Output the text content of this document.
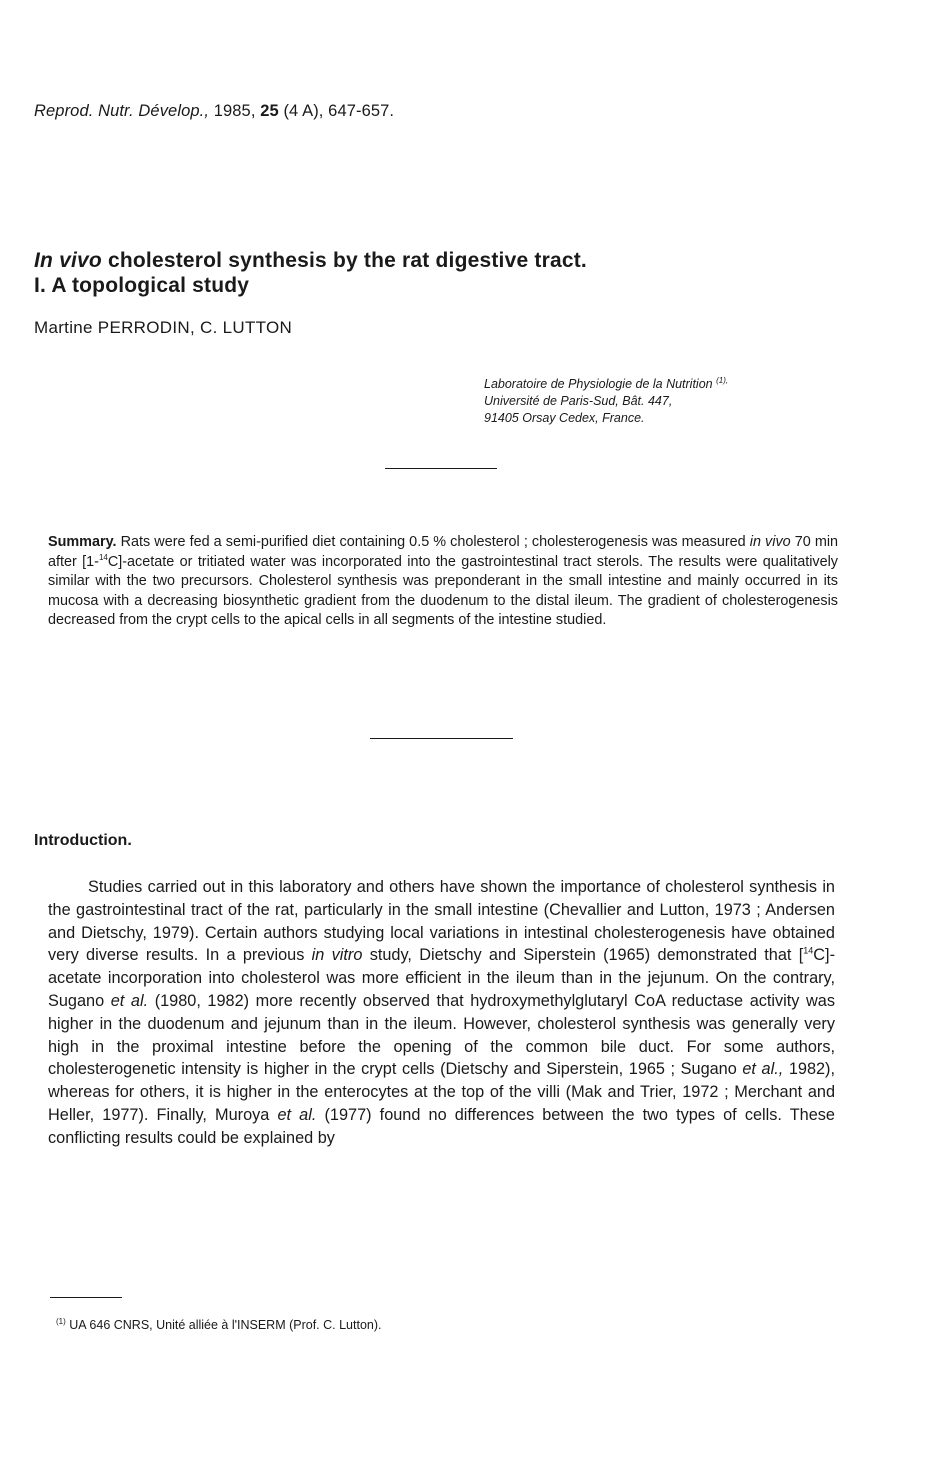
Reprod. Nutr. Dévelop., 1985, 25 (4 A), 647-657.
In vivo cholesterol synthesis by the rat digestive tract.
I. A topological study
Martine PERRODIN, C. LUTTON
Laboratoire de Physiologie de la Nutrition $^{(1),}$
Université de Paris-Sud, Bât. 447,
91405 Orsay Cedex, France.

Summary. Rats were fed a semi-purified diet containing 0.5 % cholesterol ; cholesterogenesis was measured in vivo 70 min after [1-$^{14}$C]-acetate or tritiated water was incorporated into the gastrointestinal tract sterols. The results were qualitatively similar with the two precursors. Cholesterol synthesis was preponderant in the small intestine and mainly occurred in its mucosa with a decreasing biosynthetic gradient from the duodenum to the distal ileum. The gradient of cholesterogenesis decreased from the crypt cells to the apical cells in all segments of the intestine studied.

Introduction.

Studies carried out in this laboratory and others have shown the importance of cholesterol synthesis in the gastrointestinal tract of the rat, particularly in the small intestine (Chevallier and Lutton, 1973 ; Andersen and Dietschy, 1979). Certain authors studying local variations in intestinal cholesterogenesis have obtained very diverse results. In a previous in vitro study, Dietschy and Siperstein (1965) demonstrated that [$^{14}$C]-acetate incorporation into cholesterol was more efficient in the ileum than in the jejunum. On the contrary, Sugano et al. (1980, 1982) more recently observed that hydroxymethylglutaryl CoA reductase activity was higher in the duodenum and jejunum than in the ileum. However, cholesterol synthesis was generally very high in the proximal intestine before the opening of the common bile duct. For some authors, cholesterogenetic intensity is higher in the crypt cells (Dietschy and Siperstein, 1965 ; Sugano et al., 1982), whereas for others, it is higher in the enterocytes at the top of the villi (Mak and Trier, 1972 ; Merchant and Heller, 1977). Finally, Muroya et al. (1977) found no differences between the two types of cells. These conflicting results could be explained by

$^{(1)}$ UA 646 CNRS, Unité alliée à l'INSERM (Prof. C. Lutton).
